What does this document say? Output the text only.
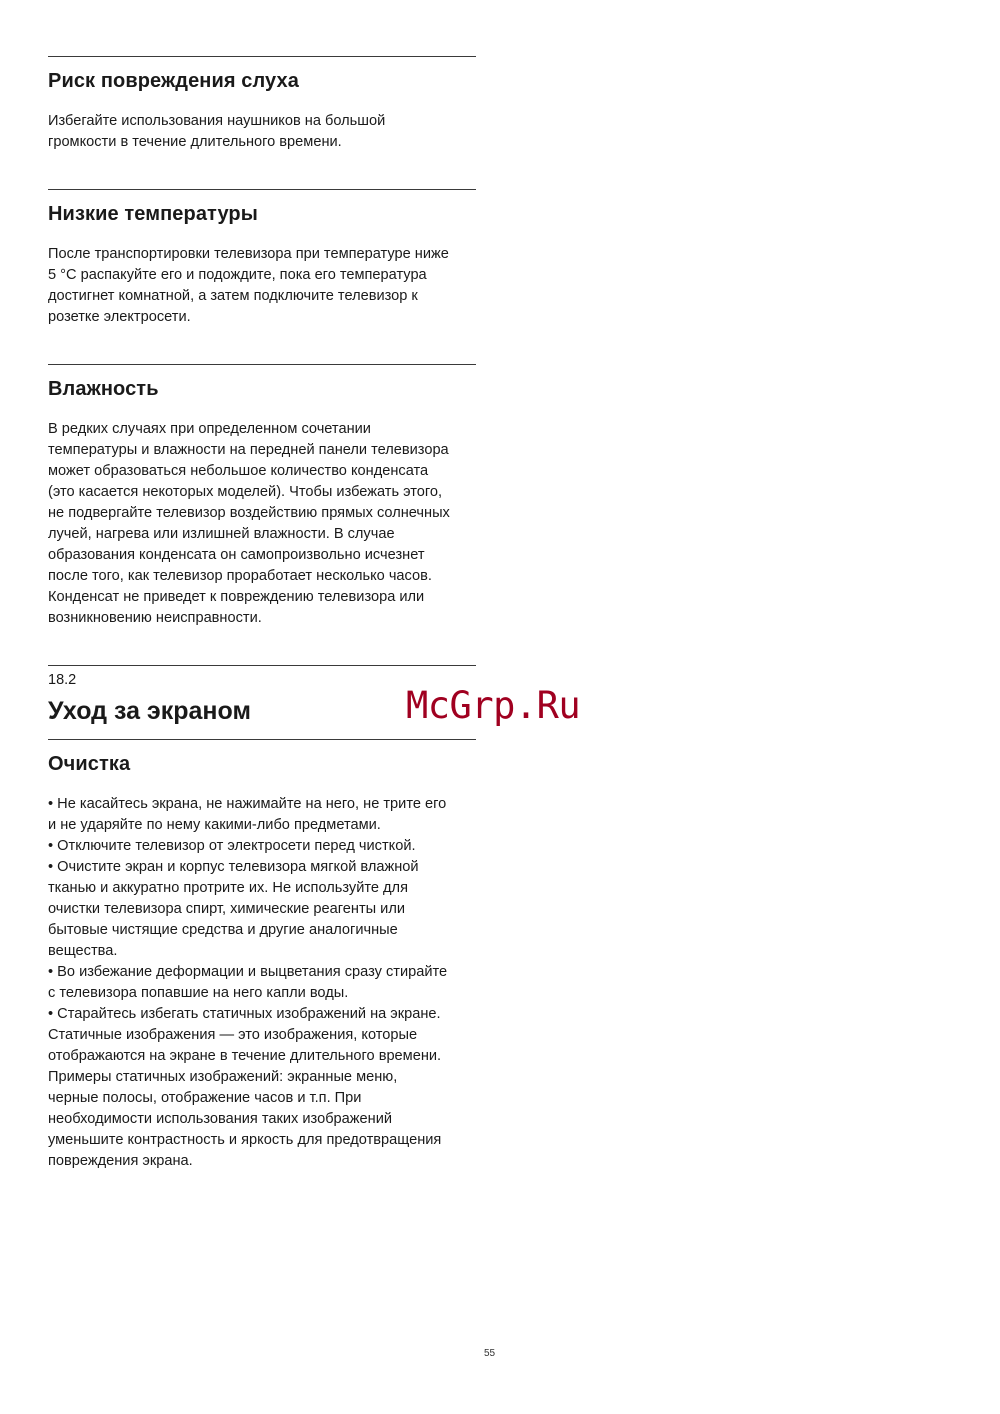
Риск повреждения слуха
Избегайте использования наушников на большой
громкости в течение длительного времени.
Низкие температуры
После транспортировки телевизора при температуре ниже
5 °C распакуйте его и подождите, пока его температура
достигнет комнатной, а затем подключите телевизор к
розетке электросети.
Влажность
В редких случаях при определенном сочетании
температуры и влажности на передней панели телевизора
может образоваться небольшое количество конденсата
(это касается некоторых моделей). Чтобы избежать этого,
не подвергайте телевизор воздействию прямых солнечных
лучей, нагрева или излишней влажности. В случае
образования конденсата он самопроизвольно исчезнет
после того, как телевизор проработает несколько часов.
Конденсат не приведет к повреждению телевизора или
возникновению неисправности.

18.2

Уход за экраном	McGrp.Ru

Очистка
• Не касайтесь экрана, не нажимайте на него, не трите его
и не ударяйте по нему какими-либо предметами.
• Отключите телевизор от электросети перед чисткой.
• Очистите экран и корпус телевизора мягкой влажной
тканью и аккуратно протрите их. Не используйте для
очистки телевизора спирт, химические реагенты или
бытовые чистящие средства и другие аналогичные
вещества.
• Во избежание деформации и выцветания сразу стирайте
с телевизора попавшие на него капли воды.
• Старайтесь избегать статичных изображений на экране.
Статичные изображения — это изображения, которые
отображаются на экране в течение длительного времени.
Примеры статичных изображений: экранные меню,
черные полосы, отображение часов и т.п. При
необходимости использования таких изображений
уменьшите контрастность и яркость для предотвращения
повреждения экрана.

55
